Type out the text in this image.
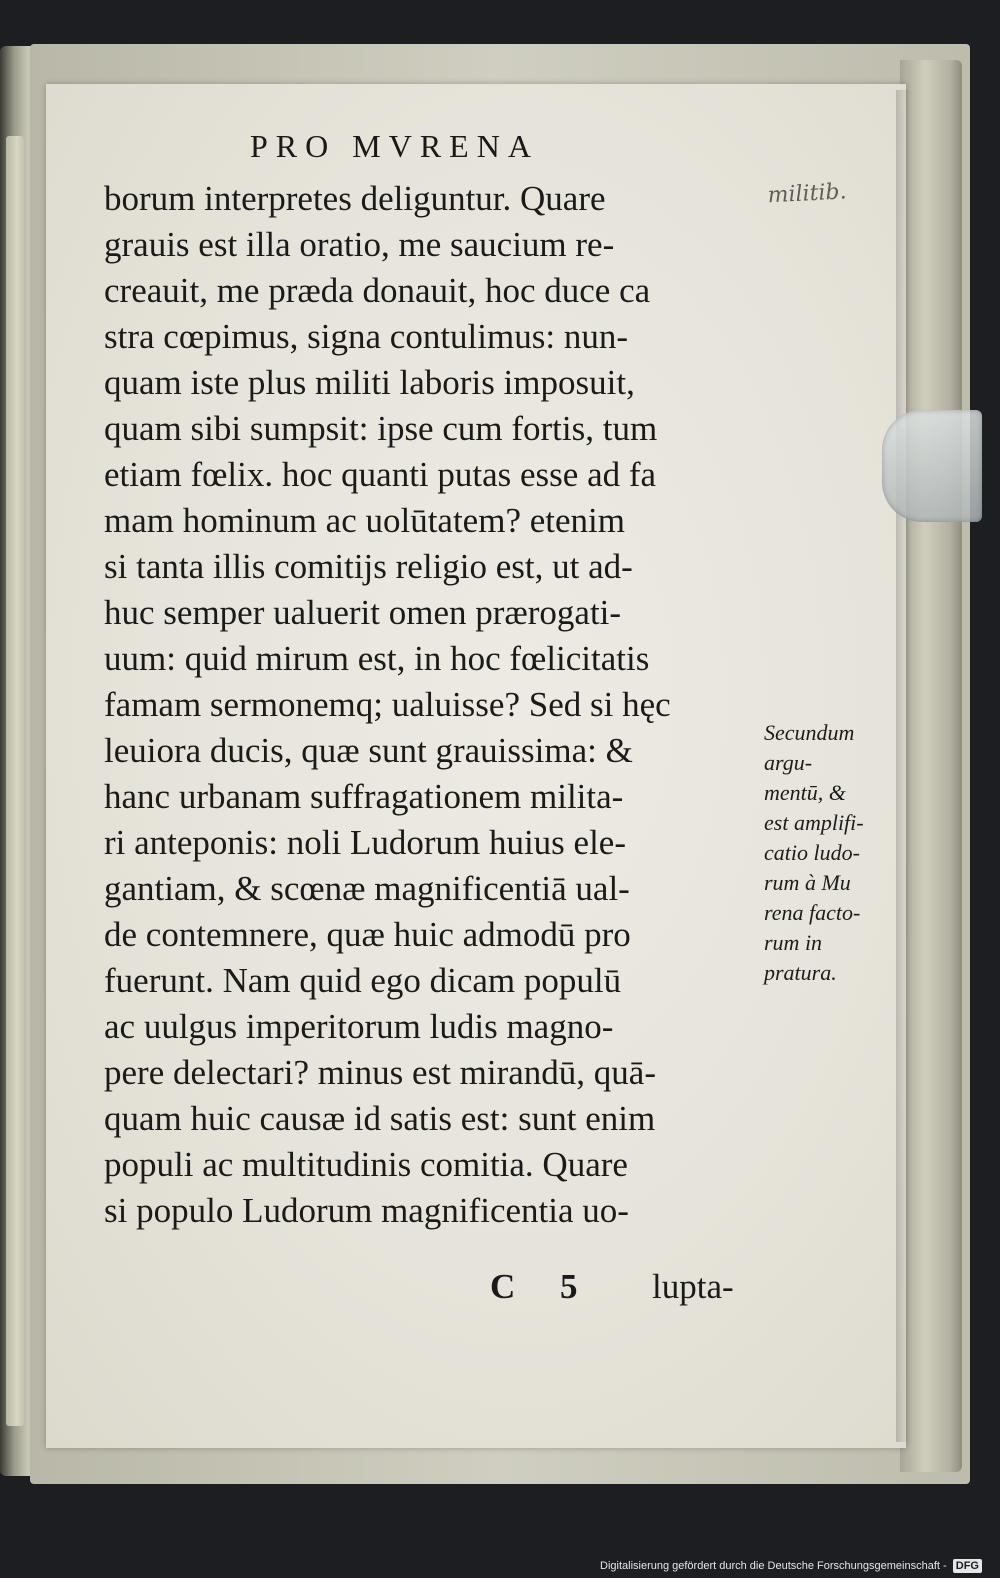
PRO MVRENA
militib.
borum interpretes deliguntur. Quare
grauis est illa oratio, me saucium re-
creauit, me præda donauit, hoc duce ca
stra cœpimus, signa contulimus: nun-
quam iste plus militi laboris imposuit,
quam sibi sumpsit: ipse cum fortis, tum
etiam fœlix. hoc quanti putas esse ad fa
mam hominum ac uolūtatem? etenim
si tanta illis comitijs religio est, ut ad-
huc semper ualuerit omen prærogati-
uum: quid mirum est, in hoc fœlicitatis
famam sermonemq; ualuisse? Sed si hęc
leuiora ducis, quæ sunt grauissima: &
hanc urbanam suffragationem milita-
ri anteponis: noli Ludorum huius ele-
gantiam, & scœnæ magnificentiā ual-
de contemnere, quæ huic admodū pro
fuerunt. Nam quid ego dicam populū
ac uulgus imperitorum ludis magno-
pere delectari? minus est mirandū, quā-
quam huic causæ id satis est: sunt enim
populi ac multitudinis comitia. Quare
si populo Ludorum magnificentia uo-
C 5 lupta-
Secundum
argu-
mentū, &
est amplifi-
catio ludo-
rum à Mu
rena facto-
rum in
pratura.
Digitalisierung gefördert durch die Deutsche Forschungsgemeinschaft - DFG
